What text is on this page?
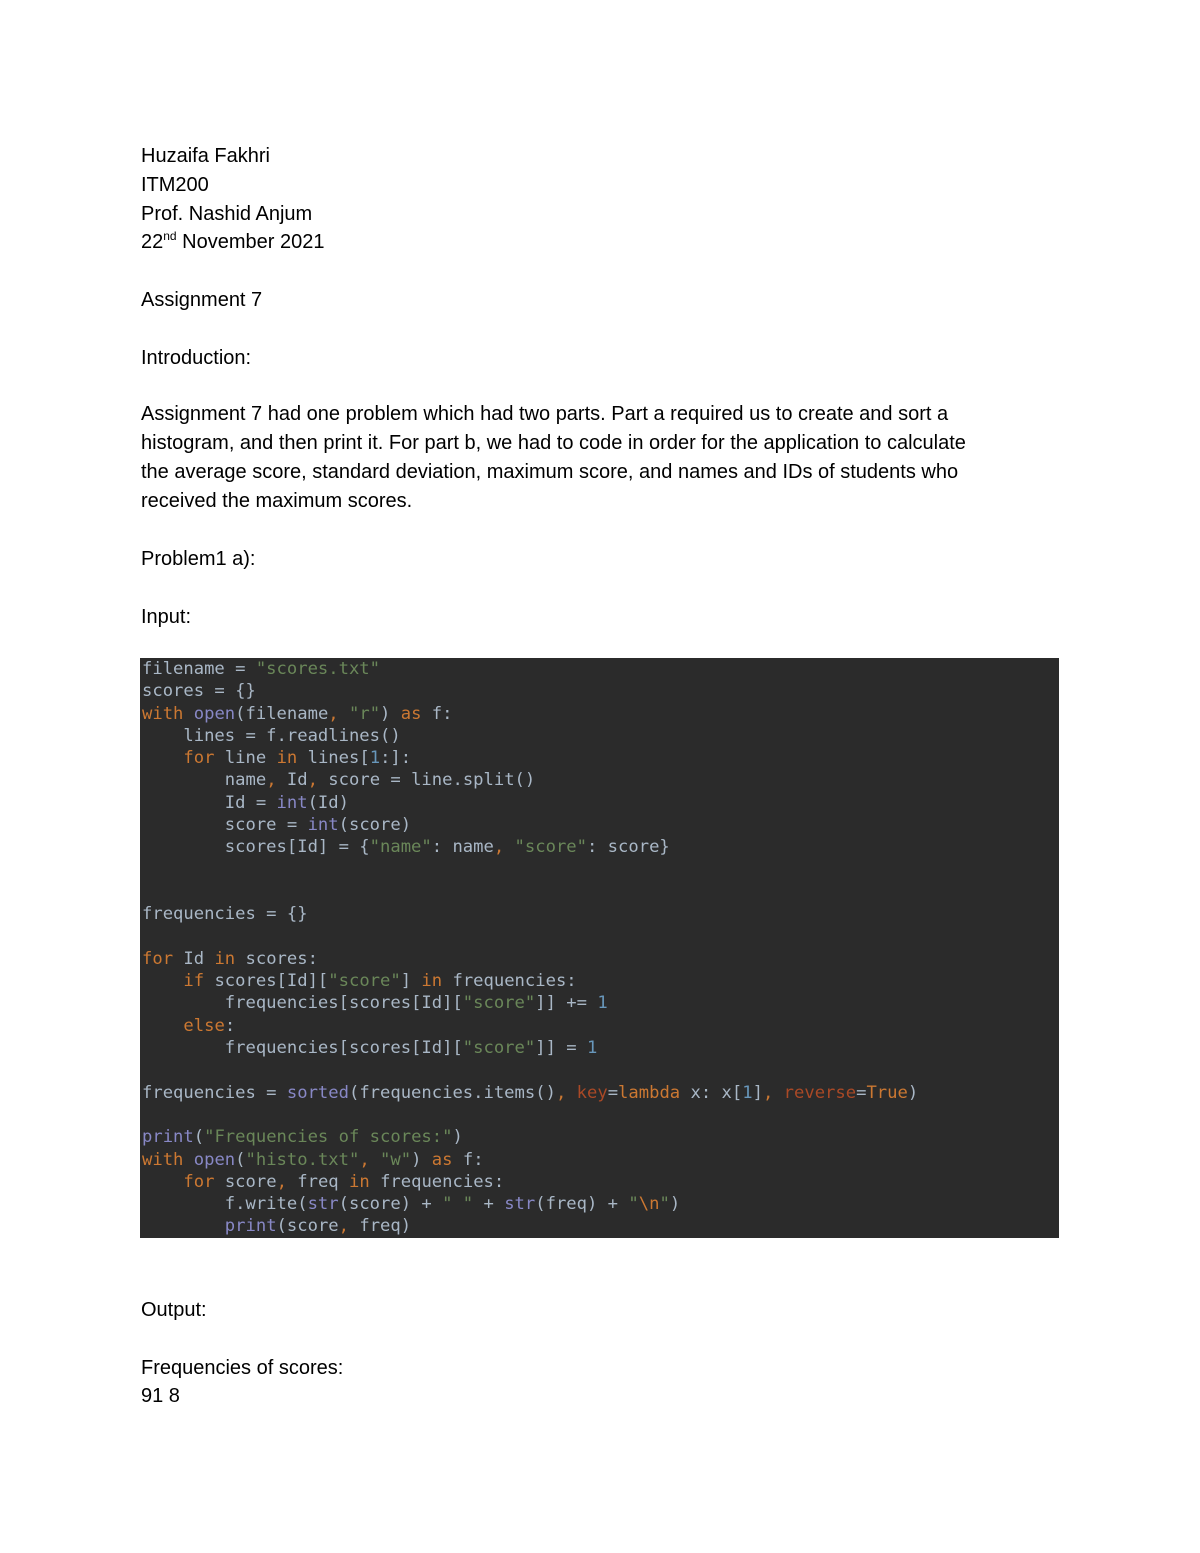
Huzaifa Fakhri
ITM200
Prof. Nashid Anjum
22nd November 2021
Assignment 7
Introduction:
Assignment 7 had one problem which had two parts. Part a required us to create and sort a
histogram, and then print it. For part b, we had to code in order for the application to calculate
the average score, standard deviation, maximum score, and names and IDs of students who
received the maximum scores.
Problem1 a):
Input:
filename = "scores.txt"
scores = {}
with open(filename, "r") as f:
lines = f.readlines()
for line in lines[1:]:
name, Id, score = line.split()
Id = int(Id)
score = int(score)
scores[Id] = {"name": name, "score": score}

frequencies = {}

for Id in scores:
if scores[Id]["score"] in frequencies:
frequencies[scores[Id]["score"]] += 1
else:
frequencies[scores[Id]["score"]] = 1

frequencies = sorted(frequencies.items(), key=lambda x: x[1], reverse=True)

print("Frequencies of scores:")
with open("histo.txt", "w") as f:
for score, freq in frequencies:
f.write(str(score) + " " + str(freq) + "\n")
print(score, freq)
Output:
Frequencies of scores:
91 8
